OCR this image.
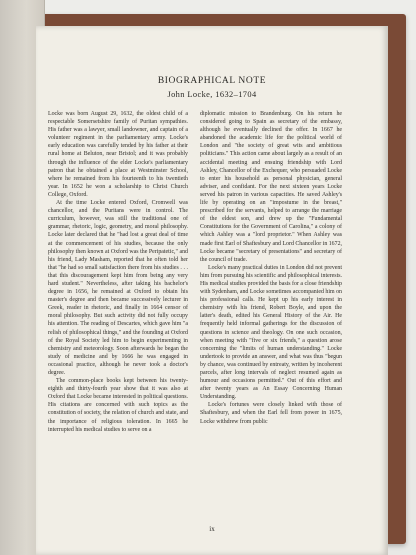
BIOGRAPHICAL NOTE
John Locke, 1632–1704

Locke was born August 29, 1632, the oldest child of a respectable Somersetshire family of Puritan sympathies. His father was a lawyer, small landowner, and captain of a volunteer regiment in the parliamentary army. Locke's early education was carefully tended by his father at their rural home at Beluton, near Bristol; and it was probably through the influence of the elder Locke's parliamentary patron that he obtained a place at Westminster School, where he remained from his fourteenth to his twentieth year. In 1652 he won a scholarship to Christ Church College, Oxford.

At the time Locke entered Oxford, Cromwell was chancellor, and the Puritans were in control. The curriculum, however, was still the traditional one of grammar, rhetoric, logic, geometry, and moral philosophy. Locke later declared that he "had lost a great deal of time at the commencement of his studies, because the only philosophy then known at Oxford was the Peripatetic," and his friend, Lady Masham, reported that he often told her that "he had so small satisfaction there from his studies . . . that this discouragement kept him from being any very hard student." Nevertheless, after taking his bachelor's degree in 1656, he remained at Oxford to obtain his master's degree and then became successively lecturer in Greek, reader in rhetoric, and finally in 1664 censor of moral philosophy. But such activity did not fully occupy his attention. The reading of Descartes, which gave him "a relish of philosophical things," and the founding at Oxford of the Royal Society led him to begin experimenting in chemistry and meteorology. Soon afterwards he began the study of medicine and by 1666 he was engaged in occasional practice, although he never took a doctor's degree.

The common-place books kept between his twenty-eighth and thirty-fourth year show that it was also at Oxford that Locke became interested in political questions. His citations are concerned with such topics as the constitution of society, the relation of church and state, and the importance of religious toleration. In 1665 he interrupted his medical studies to serve on a

diplomatic mission to Brandenburg. On his return he considered going to Spain as secretary of the embassy, although he eventually declined the offer. In 1667 he abandoned the academic life for the political world of London and "the society of great wits and ambitious politicians." This action came about largely as a result of an accidental meeting and ensuing friendship with Lord Ashley, Chancellor of the Exchequer, who persuaded Locke to enter his household as personal physician, general adviser, and confidant. For the next sixteen years Locke served his patron in various capacities. He saved Ashley's life by operating on an "impostume in the breast," prescribed for the servants, helped to arrange the marriage of the eldest son, and drew up the "Fundamental Constitutions for the Government of Carolina," a colony of which Ashley was a "lord proprietor." When Ashley was made first Earl of Shaftesbury and Lord Chancellor in 1672, Locke became "secretary of presentations" and secretary of the council of trade.

Locke's many practical duties in London did not prevent him from pursuing his scientific and philosophical interests. His medical studies provided the basis for a close friendship with Sydenham, and Locke sometimes accompanied him on his professional calls. He kept up his early interest in chemistry with his friend, Robert Boyle, and upon the latter's death, edited his General History of the Air. He frequently held informal gatherings for the discussion of questions in science and theology. On one such occasion, when meeting with "five or six friends," a question arose concerning the "limits of human understanding." Locke undertook to provide an answer, and what was thus "begun by chance, was continued by entreaty, written by incoherent parcels, after long intervals of neglect resumed again as humour and occasions permitted." Out of this effort and after twenty years as An Essay Concerning Human Understanding.

Locke's fortunes were closely linked with those of Shaftesbury, and when the Earl fell from power in 1675, Locke withdrew from public

ix
